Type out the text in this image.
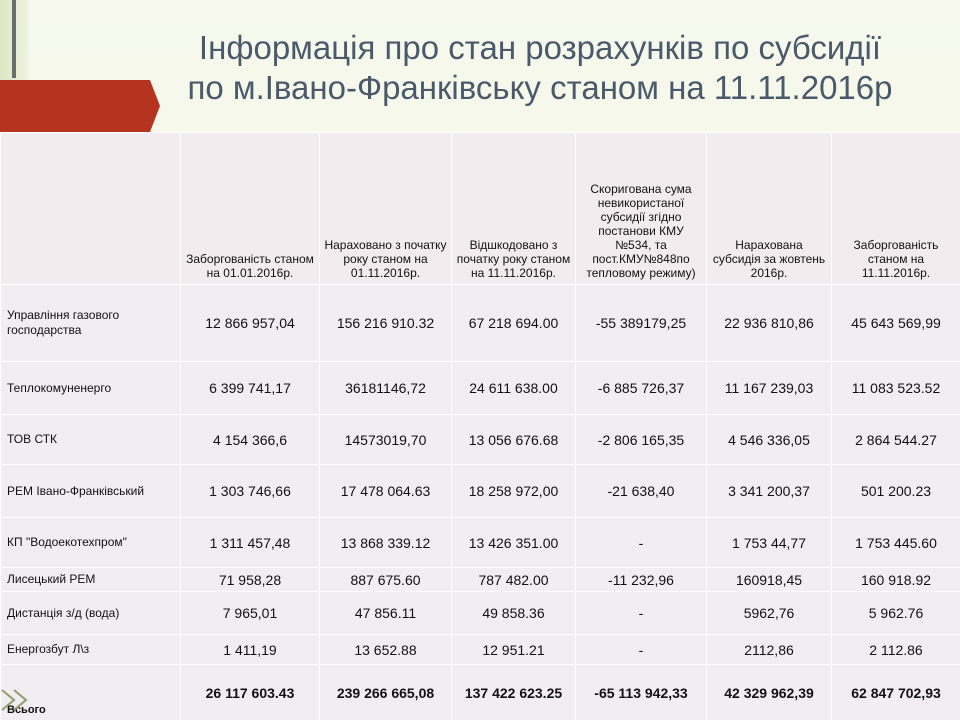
Інформація про стан розрахунків по субсидії
по м.Івано-Франківську станом на 11.11.2016р
	Заборгованість станом на 01.01.2016р.	Нараховано з початку року станом на 01.11.2016р.	Відшкодовано з початку року станом на 11.11.2016р.	Скоригована сума невикористаної субсидії згідно постанови КМУ №534, та пост.КМУ№848по тепловому режиму)	Нарахована субсидія за жовтень 2016р.	Заборгованість станом на 11.11.2016р.
Управління газового господарства	12 866 957,04	156 216 910.32	67 218 694.00	-55 389179,25	22 936 810,86	45 643 569,99
Теплокомуненерго	6 399 741,17	36181146,72	24 611 638.00	-6 885 726,37	11 167 239,03	11 083 523.52
ТОВ СТК	4 154 366,6	14573019,70	13 056 676.68	-2 806 165,35	4 546 336,05	2 864 544.27
РЕМ Івано-Франківський	1 303 746,66	17 478 064.63	18 258 972,00	-21 638,40	3 341 200,37	501 200.23
КП "Водоекотехпром"	1 311 457,48	13 868 339.12	13 426 351.00	-	1 753 44,77	1 753 445.60
Лисецький РЕМ	71 958,28	887 675.60	787 482.00	-11 232,96	160918,45	160 918.92
Дистанція з/д (вода)	7 965,01	47 856.11	49 858.36	-	5962,76	5 962.76
Енергозбут Л\з	1 411,19	13 652.88	12 951.21	-	2112,86	2 112.86
Всього	26 117 603.43	239 266 665,08	137 422 623.25	-65 113 942,33	42 329 962,39	62 847 702,93
